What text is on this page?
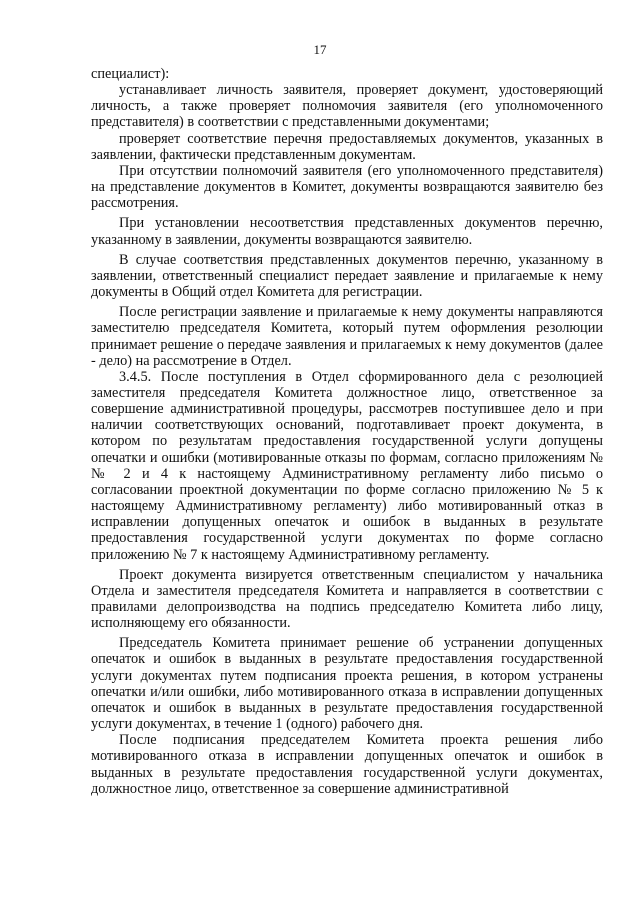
17

специалист):

устанавливает личность заявителя, проверяет документ, удостоверяющий личность, а также проверяет полномочия заявителя (его уполномоченного представителя) в соответствии с представленными документами;

проверяет соответствие перечня предоставляемых документов, указанных в заявлении, фактически представленным документам.

При отсутствии полномочий заявителя (его уполномоченного представителя) на представление документов в Комитет, документы возвращаются заявителю без рассмотрения.

При установлении несоответствия представленных документов перечню, указанному в заявлении, документы возвращаются заявителю.

В случае соответствия представленных документов перечню, указанному в заявлении, ответственный специалист передает заявление и прилагаемые к нему документы в Общий отдел Комитета для регистрации.

После регистрации заявление и прилагаемые к нему документы направляются заместителю председателя Комитета, который путем оформления резолюции принимает решение о передаче заявления и прилагаемых к нему документов (далее - дело) на рассмотрение в Отдел.

3.4.5. После поступления в Отдел сформированного дела с резолюцией заместителя председателя Комитета должностное лицо, ответственное за совершение административной процедуры, рассмотрев поступившее дело и при наличии соответствующих оснований, подготавливает проект документа, в котором по результатам предоставления государственной услуги допущены опечатки и ошибки (мотивированные отказы по формам, согласно приложениям №№ 2 и 4 к настоящему Административному регламенту либо письмо о согласовании проектной документации по форме согласно приложению № 5 к настоящему Административному регламенту) либо мотивированный отказ в исправлении допущенных опечаток и ошибок в выданных в результате предоставления государственной услуги документах по форме согласно приложению № 7 к настоящему Административному регламенту.

Проект документа визируется ответственным специалистом у начальника Отдела и заместителя председателя Комитета и направляется в соответствии с правилами делопроизводства на подпись председателю Комитета либо лицу, исполняющему его обязанности.

Председатель Комитета принимает решение об устранении допущенных опечаток и ошибок в выданных в результате предоставления государственной услуги документах путем подписания проекта решения, в котором устранены опечатки и/или ошибки, либо мотивированного отказа в исправлении допущенных опечаток и ошибок в выданных в результате предоставления государственной услуги документах, в течение 1 (одного) рабочего дня.

После подписания председателем Комитета проекта решения либо мотивированного отказа в исправлении допущенных опечаток и ошибок в выданных в результате предоставления государственной услуги документах, должностное лицо, ответственное за совершение административной
